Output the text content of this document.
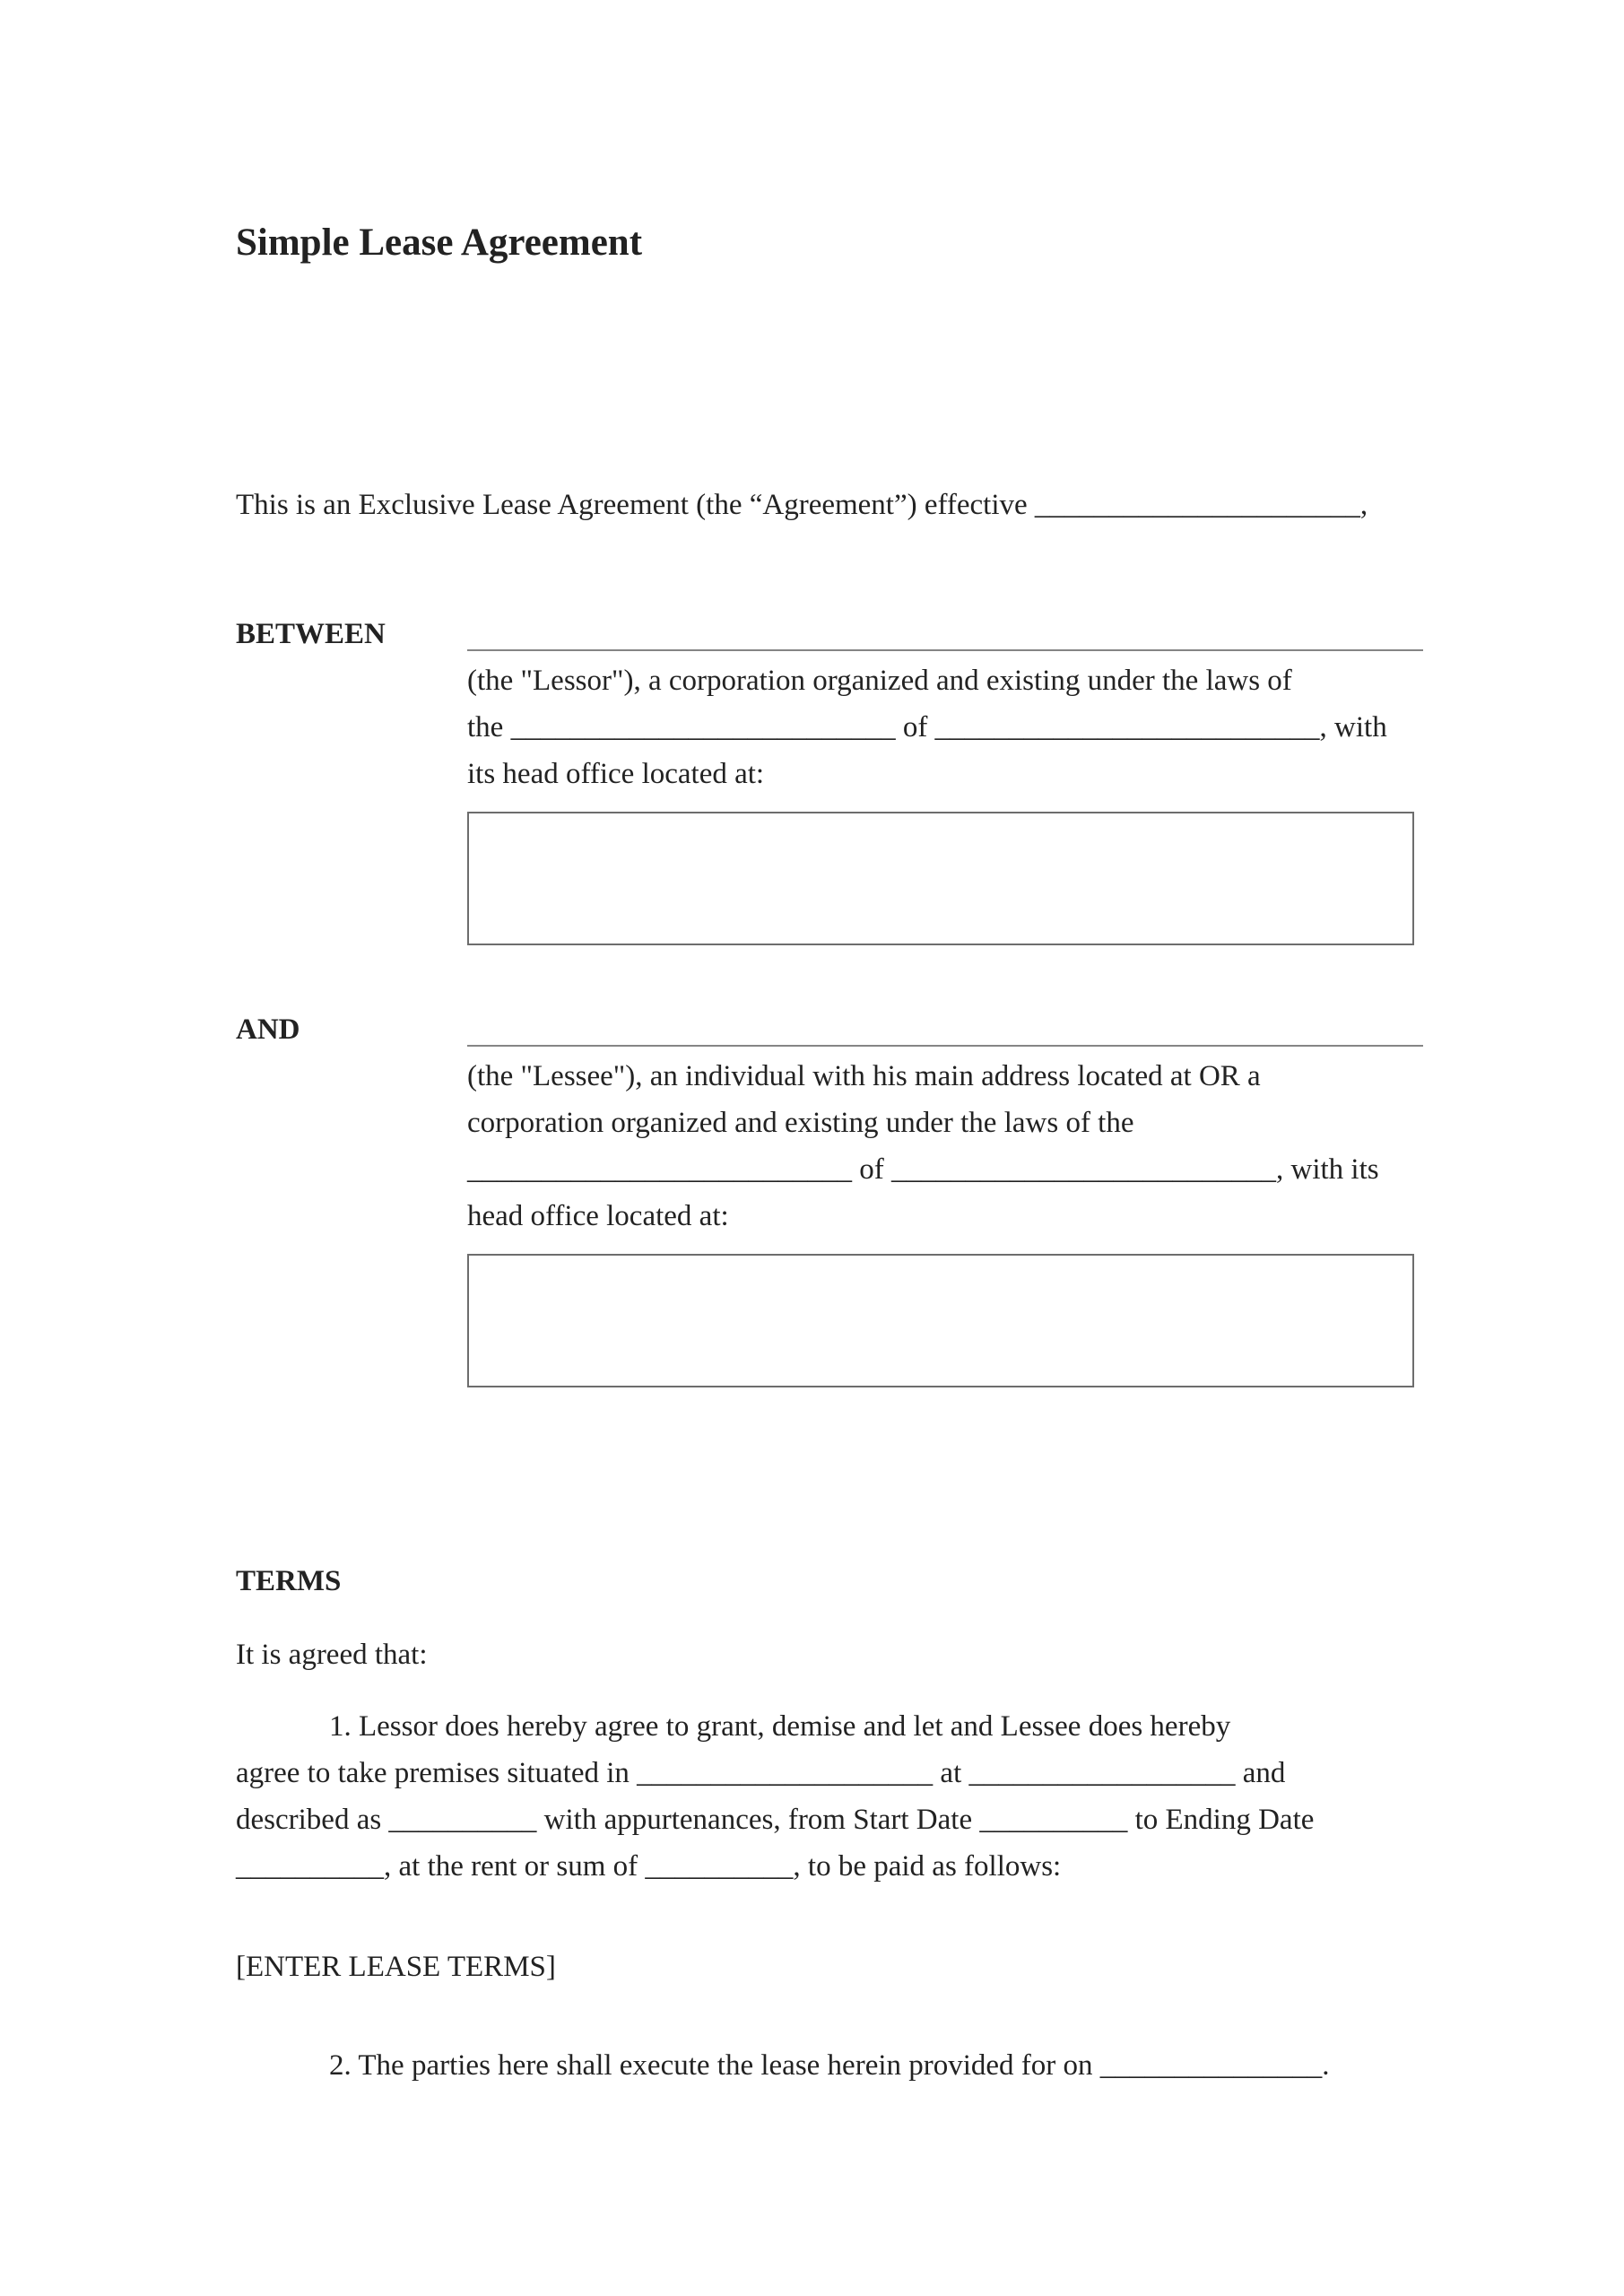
Simple Lease Agreement

This is an Exclusive Lease Agreement (the “Agreement”) effective ______________________,

BETWEEN
(the "Lessor"), a corporation organized and existing under the laws of
the __________________________ of __________________________, with
its head office located at:
AND
(the "Lessee"), an individual with his main address located at OR a
corporation organized and existing under the laws of the
__________________________ of __________________________, with its
head office located at:
TERMS

It is agreed that:

1. Lessor does hereby agree to grant, demise and let and Lessee does hereby
agree to take premises situated in ____________________ at __________________ and
described as __________ with appurtenances, from Start Date __________ to Ending Date
__________, at the rent or sum of __________, to be paid as follows:

[ENTER LEASE TERMS]

2. The parties here shall execute the lease herein provided for on _______________.
